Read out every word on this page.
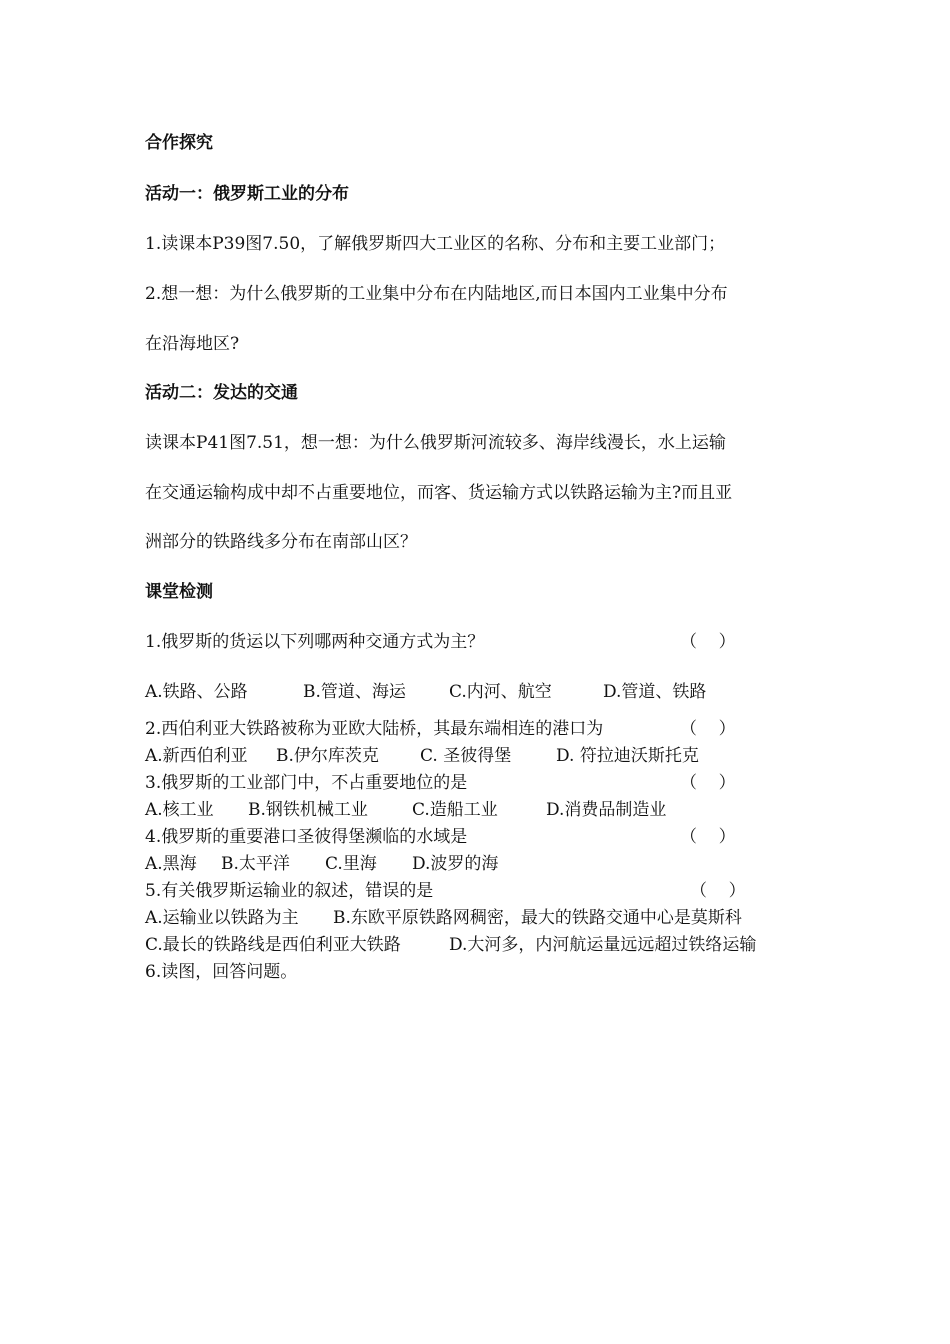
合作探究
活动一：俄罗斯工业的分布
1.读课本P39图7.50，了解俄罗斯四大工业区的名称、分布和主要工业部门；
2.想一想：为什么俄罗斯的工业集中分布在内陆地区,而日本国内工业集中分布
在沿海地区?
活动二：发达的交通
读课本P41图7.51，想一想：为什么俄罗斯河流较多、海岸线漫长，水上运输
在交通运输构成中却不占重要地位，而客、货运输方式以铁路运输为主?而且亚
洲部分的铁路线多分布在南部山区？
课堂检测
1.俄罗斯的货运以下列哪两种交通方式为主？	（    ）
A.铁路、公路	B.管道、海运	C.内河、航空	D.管道、铁路
2.西伯利亚大铁路被称为亚欧大陆桥，其最东端相连的港口为	（    ）
A.新西伯利亚 B.伊尔库茨克 C. 圣彼得堡	D. 符拉迪沃斯托克
3.俄罗斯的工业部门中，不占重要地位的是	（    ）
A.核工业 B.钢铁机械工业	C.造船工业	D.消费品制造业
4.俄罗斯的重要港口圣彼得堡濒临的水域是	（    ）
A.黑海 B.太平洋 C.里海 D.波罗的海
5.有关俄罗斯运输业的叙述，错误的是	（    ）
A.运输业以铁路为主 B.东欧平原铁路网稠密，最大的铁路交通中心是莫斯科
C.最长的铁路线是西伯利亚大铁路	D.大河多，内河航运量远远超过铁络运输
6.读图，回答问题。
